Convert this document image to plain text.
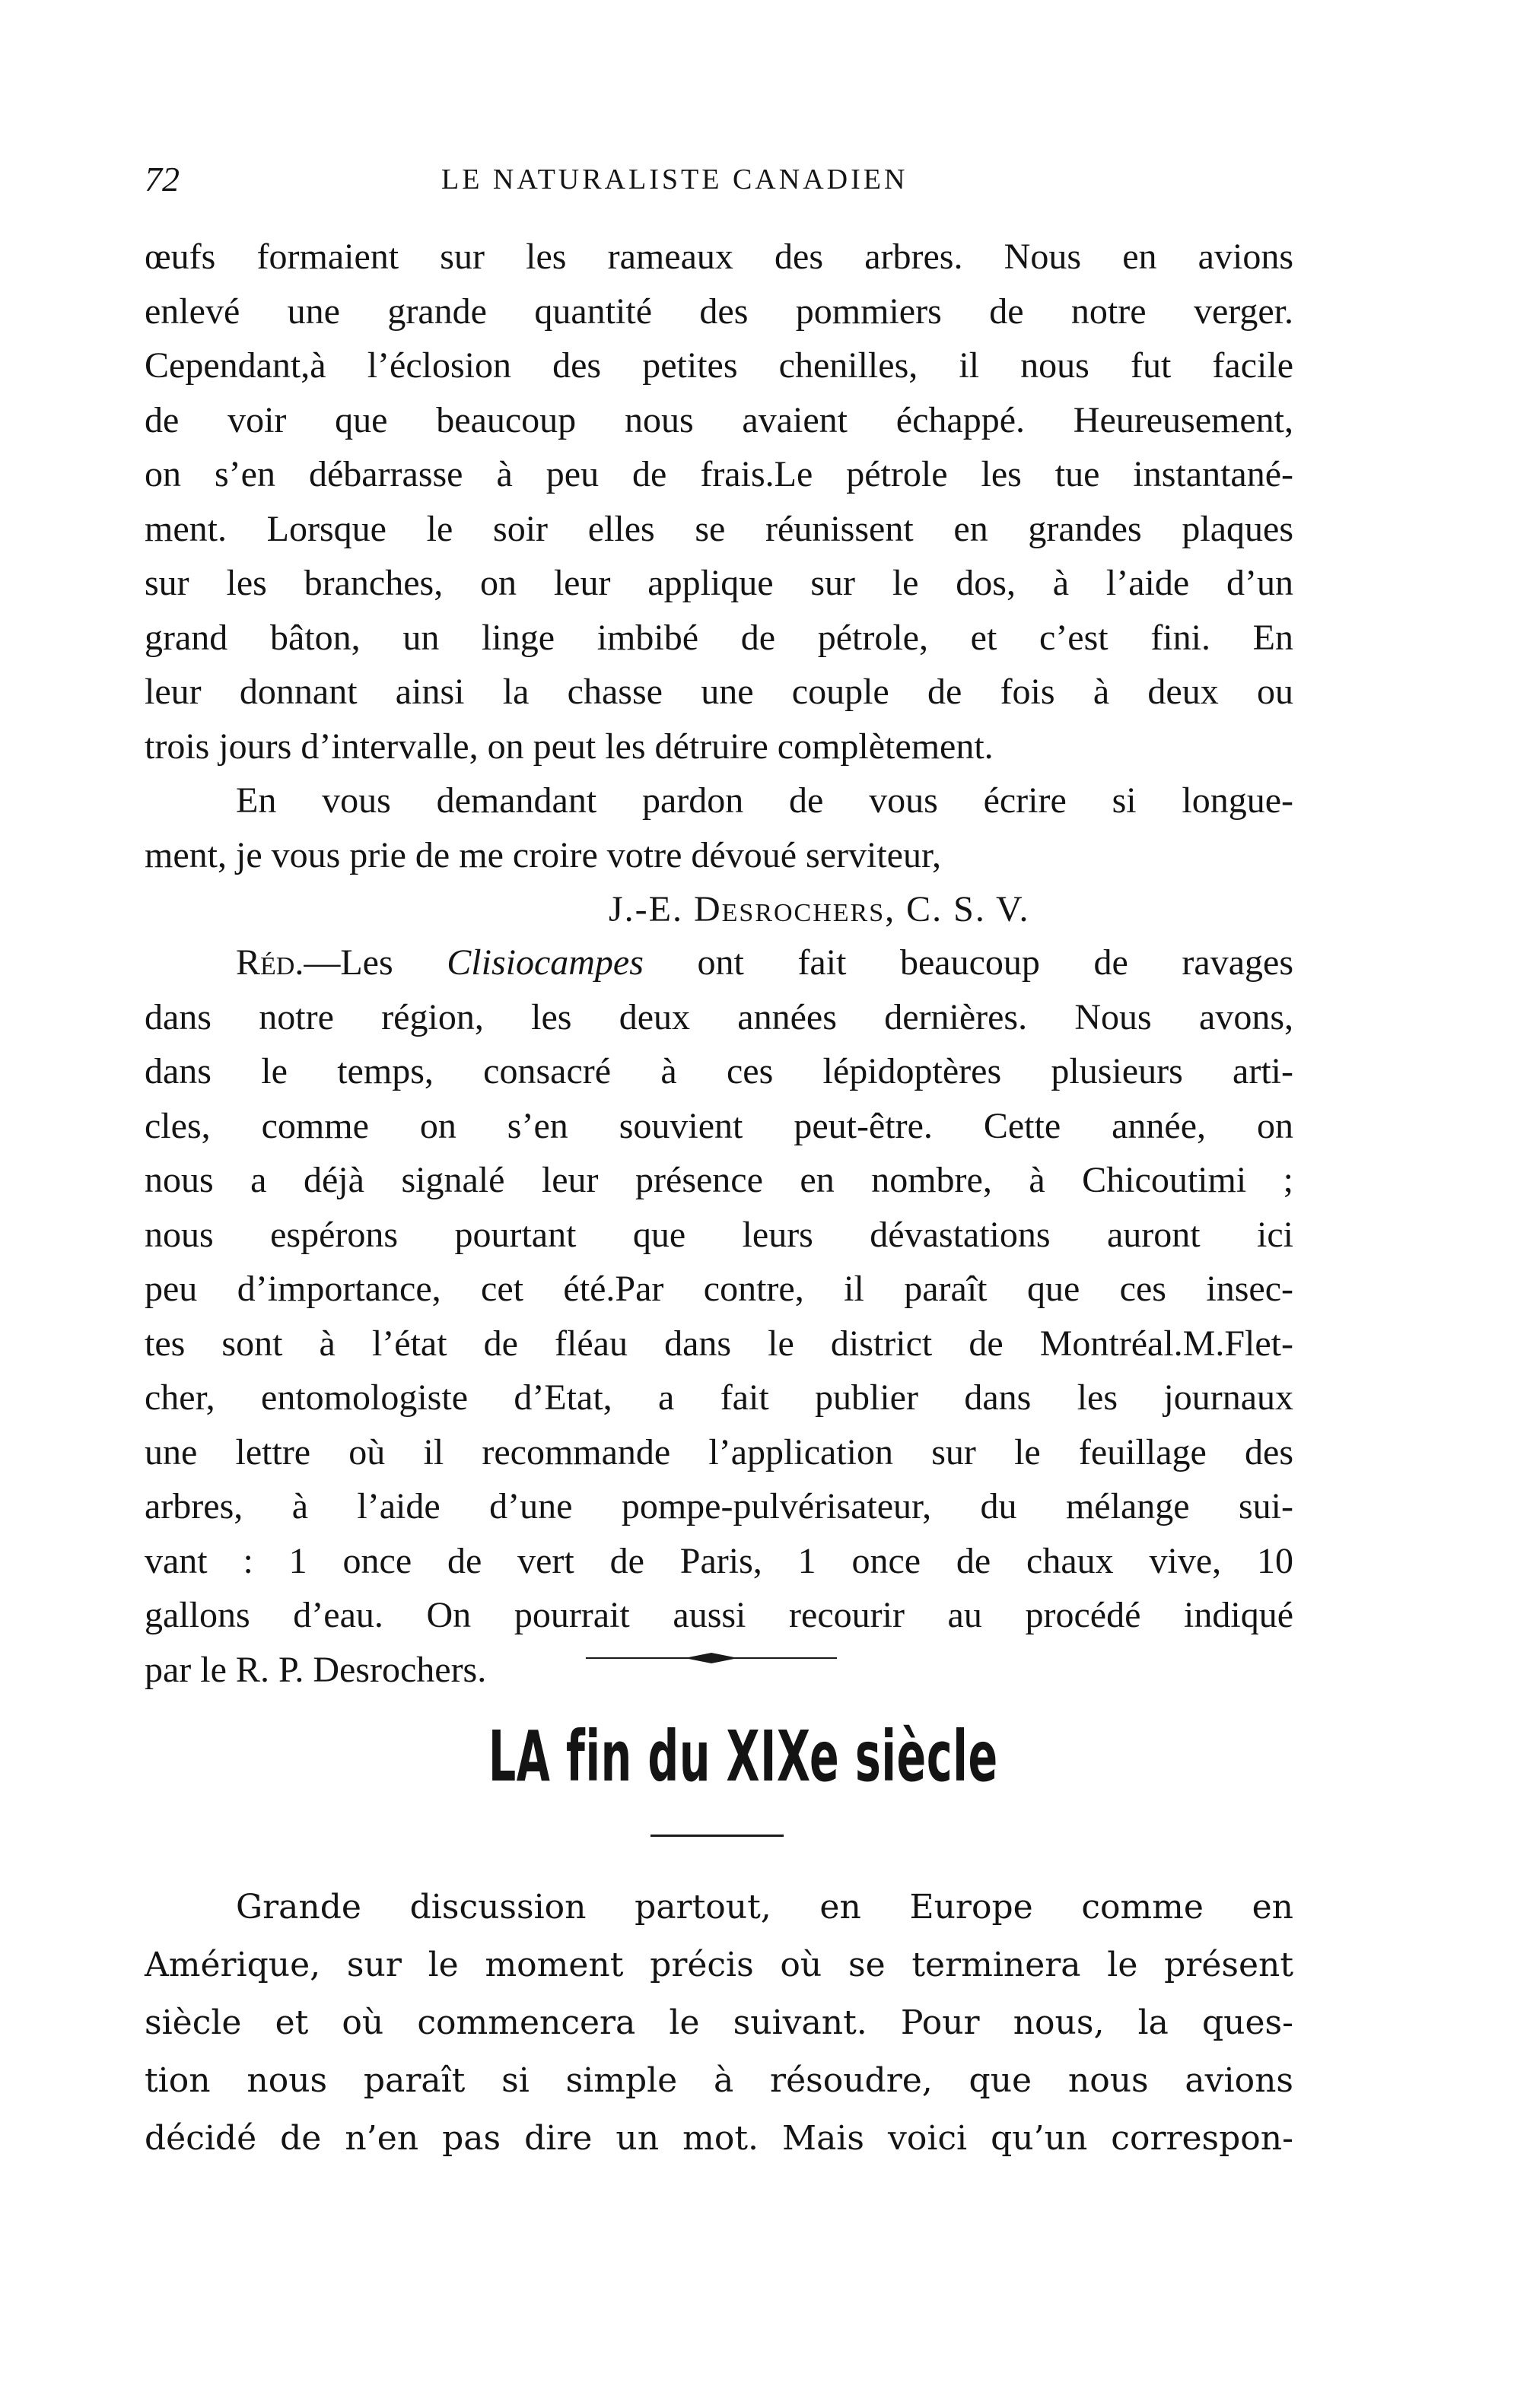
72	LE NATURALISTE CANADIEN
œufs formaient sur les rameaux des arbres. Nous en avions
enlevé une grande quantité des pommiers de notre verger.
Cependant,à l’éclosion des petites chenilles, il nous fut facile
de voir que beaucoup nous avaient échappé. Heureusement,
on s’en débarrasse à peu de frais.Le pétrole les tue instantané-
ment. Lorsque le soir elles se réunissent en grandes plaques
sur les branches, on leur applique sur le dos, à l’aide d’un
grand bâton, un linge imbibé de pétrole, et c’est fini. En
leur donnant ainsi la chasse une couple de fois à deux ou
trois jours d’intervalle, on peut les détruire complètement.
En vous demandant pardon de vous écrire si longue-
ment, je vous prie de me croire votre dévoué serviteur,
J.-E. Desrochers, C. S. V.
Réd.—Les Clisiocampes ont fait beaucoup de ravages
dans notre région, les deux années dernières. Nous avons,
dans le temps, consacré à ces lépidoptères plusieurs arti-
cles, comme on s’en souvient peut-être. Cette année, on
nous a déjà signalé leur présence en nombre, à Chicoutimi ;
nous espérons pourtant que leurs dévastations auront ici
peu d’importance, cet été.Par contre, il paraît que ces insec-
tes sont à l’état de fléau dans le district de Montréal.M.Flet-
cher, entomologiste d’Etat, a fait publier dans les journaux
une lettre où il recommande l’application sur le feuillage des
arbres, à l’aide d’une pompe-pulvérisateur, du mélange sui-
vant : 1 once de vert de Paris, 1 once de chaux vive, 10
gallons d’eau. On pourrait aussi recourir au procédé indiqué
par le R. P. Desrochers.
LA fin du XIXe siècle
Grande discussion partout, en Europe comme en
Amérique, sur le moment précis où se terminera le présent
siècle et où commencera le suivant. Pour nous, la ques-
tion nous paraît si simple à résoudre, que nous avions
décidé de n’en pas dire un mot. Mais voici qu’un correspon-
